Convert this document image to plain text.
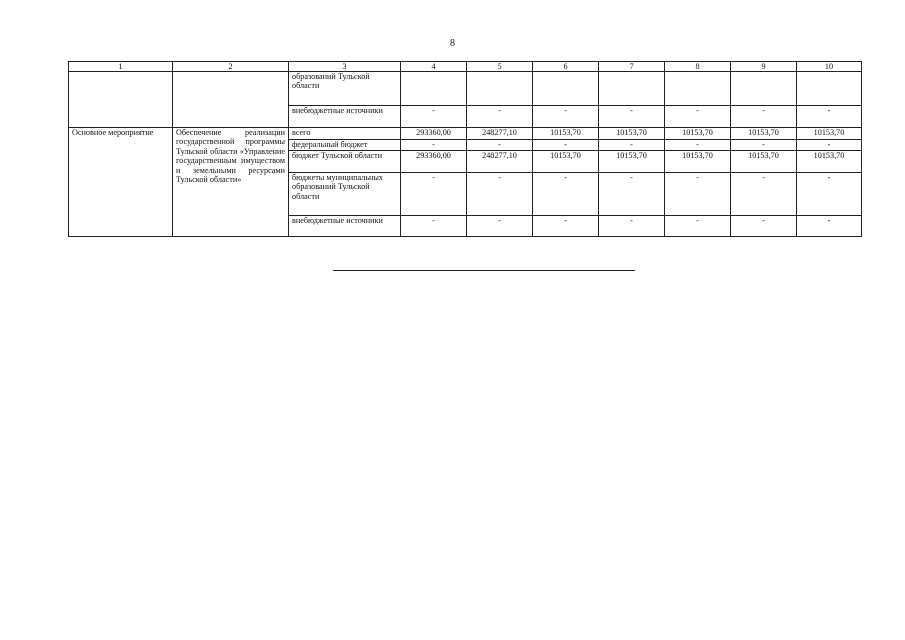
8
1	2	3	4	5	6	7	8	9	10
		образований Тульской области							
		внебюджетные источники	-	-	-	-	-	-	-
Основное мероприятие	Обеспечение реализации государственной программы Тульской области «Управление государственным имуществом и земельными ресурсами Тульской области»	всего	293360,00	248277,10	10153,70	10153,70	10153,70	10153,70	10153,70
		федеральный бюджет	-	-	-	-	-	-	-
		бюджет Тульской области	293360,00	248277,10	10153,70	10153,70	10153,70	10153,70	10153,70
		бюджеты муниципальных образований Тульской области	-	-	-	-	-	-	-
		внебюджетные источники	-	-	-	-	-	-	-
